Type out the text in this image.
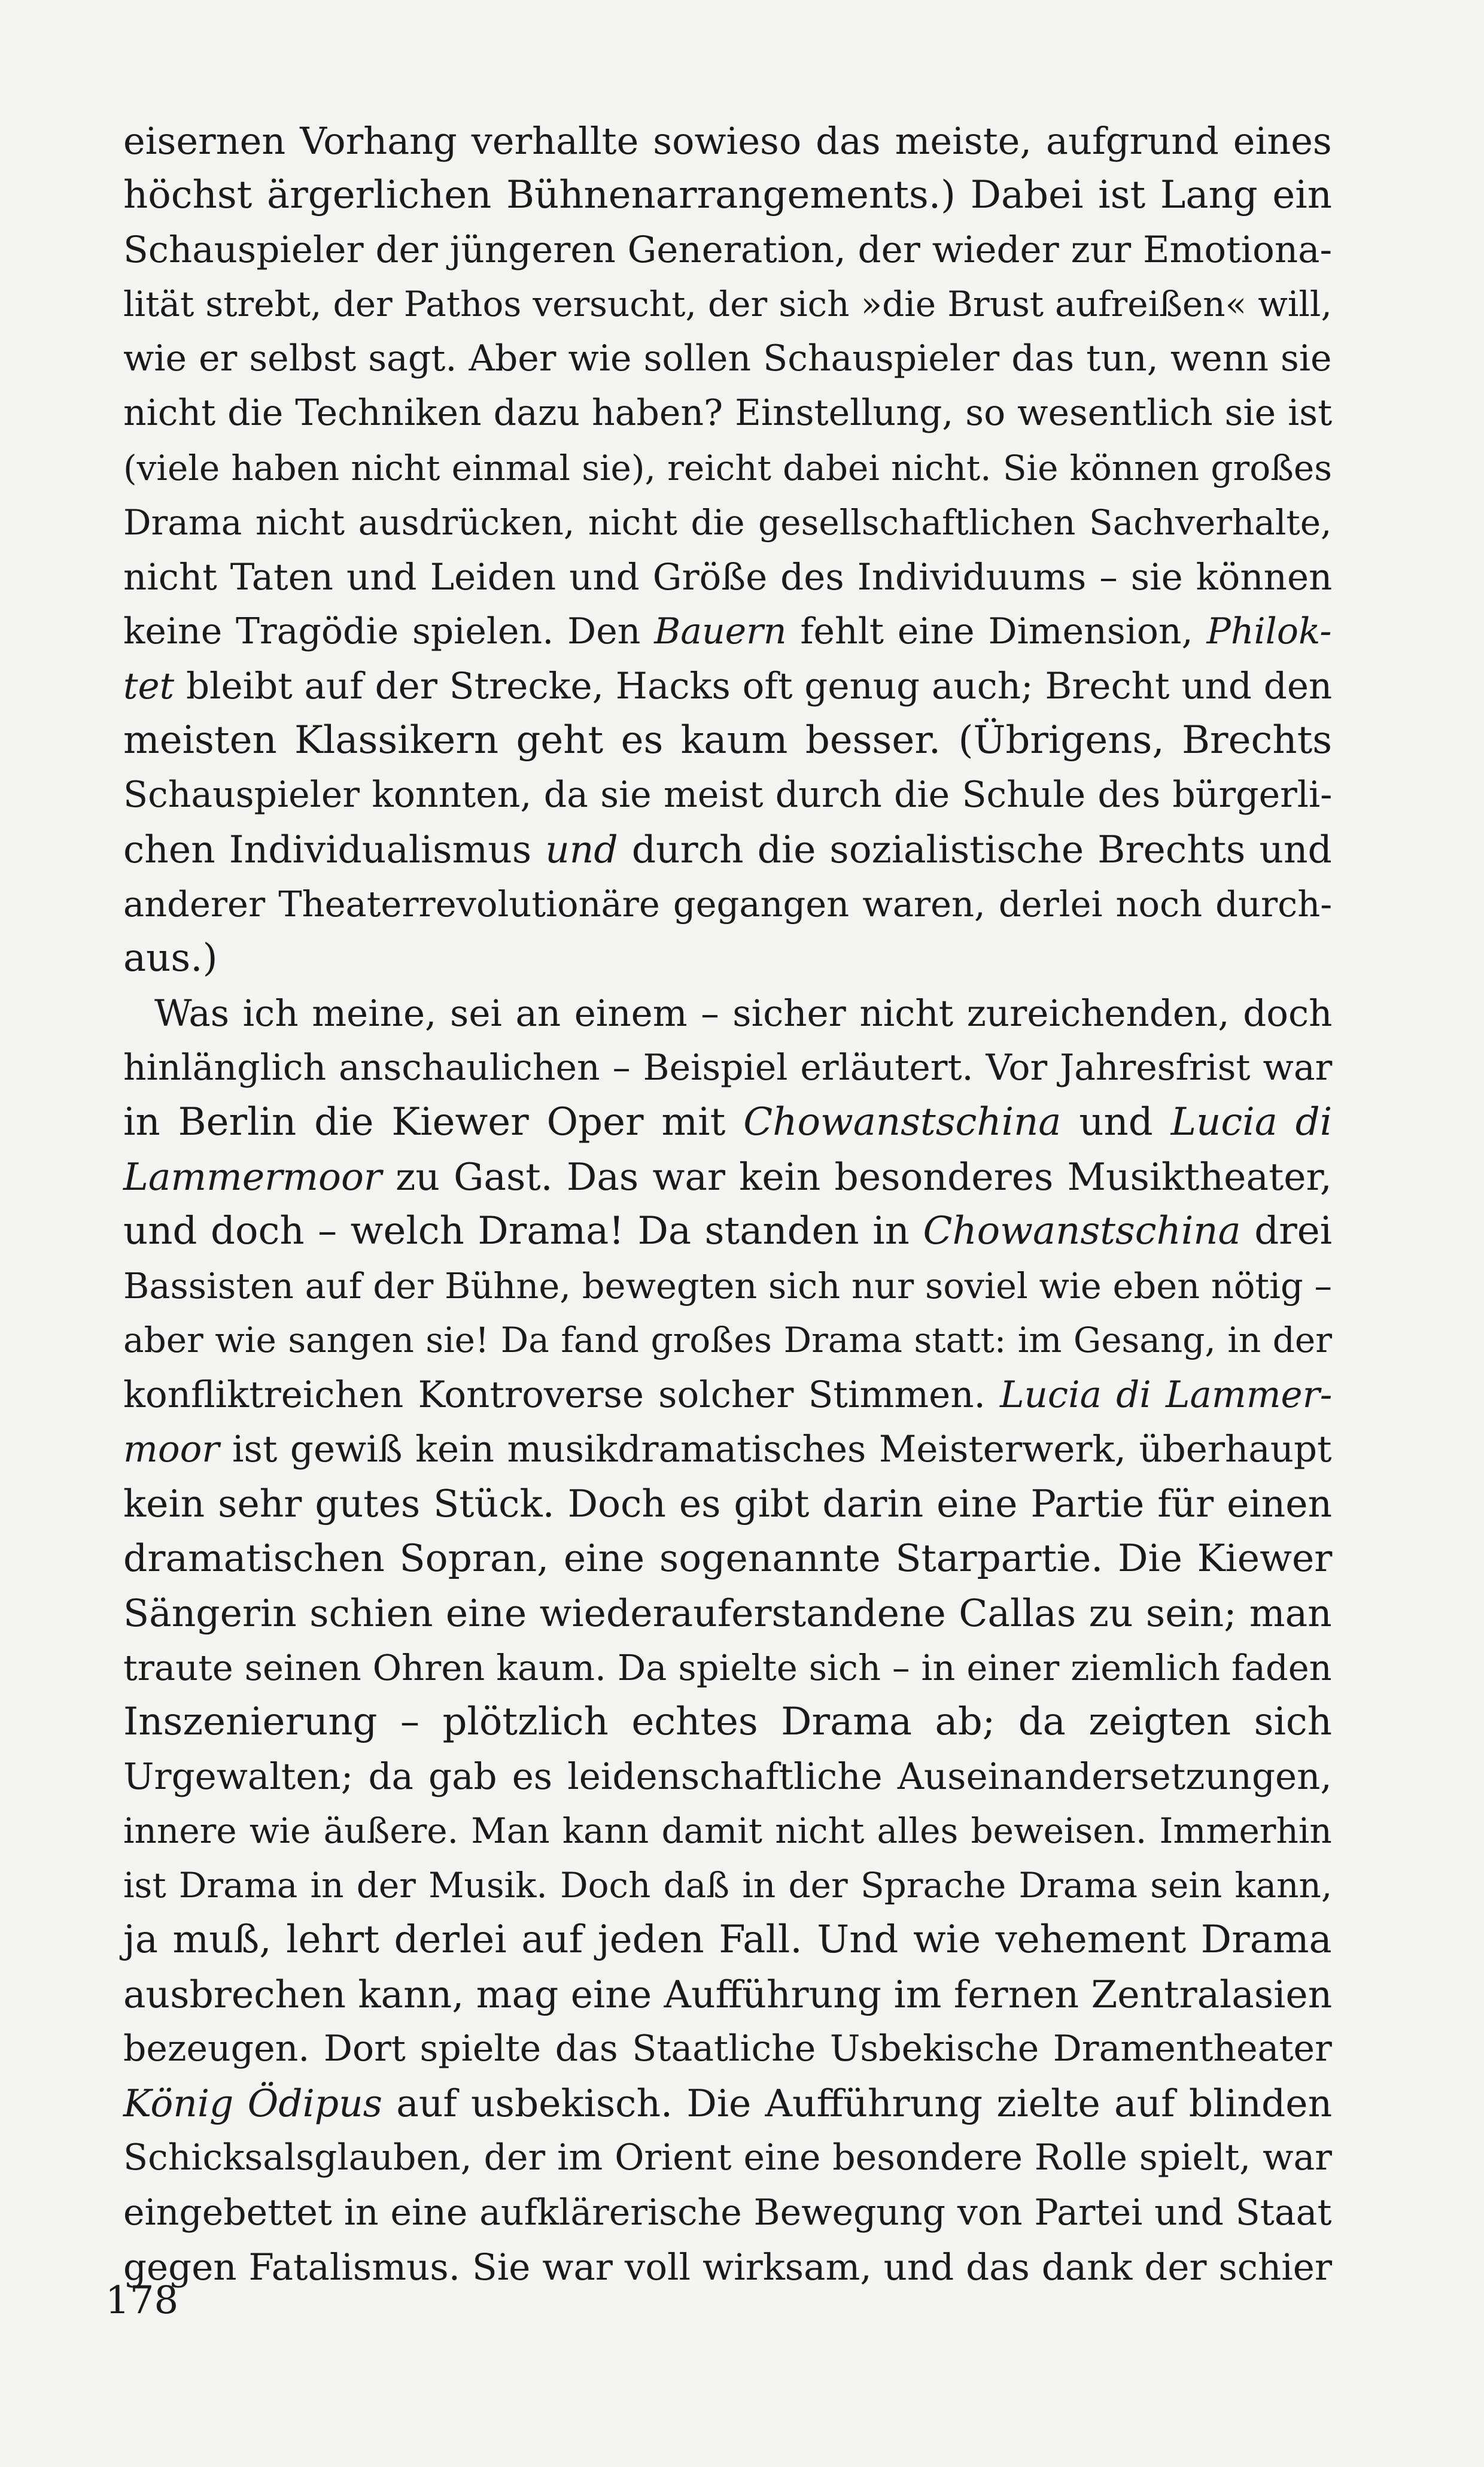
eisernen Vorhang verhallte sowieso das meiste, aufgrund eines
höchst ärgerlichen Bühnenarrangements.) Dabei ist Lang ein
Schauspieler der jüngeren Generation, der wieder zur Emotiona-
lität strebt, der Pathos versucht, der sich »die Brust aufreißen« will,
wie er selbst sagt. Aber wie sollen Schauspieler das tun, wenn sie
nicht die Techniken dazu haben? Einstellung, so wesentlich sie ist
(viele haben nicht einmal sie), reicht dabei nicht. Sie können großes
Drama nicht ausdrücken, nicht die gesellschaftlichen Sachverhalte,
nicht Taten und Leiden und Größe des Individuums – sie können
keine Tragödie spielen. Den Bauern fehlt eine Dimension, Philok-
tet bleibt auf der Strecke, Hacks oft genug auch; Brecht und den
meisten Klassikern geht es kaum besser. (Übrigens, Brechts
Schauspieler konnten, da sie meist durch die Schule des bürgerli-
chen Individualismus und durch die sozialistische Brechts und
anderer Theaterrevolutionäre gegangen waren, derlei noch durch-
aus.)
Was ich meine, sei an einem – sicher nicht zureichenden, doch
hinlänglich anschaulichen – Beispiel erläutert. Vor Jahresfrist war
in Berlin die Kiewer Oper mit Chowanstschina und Lucia di
Lammermoor zu Gast. Das war kein besonderes Musiktheater,
und doch – welch Drama! Da standen in Chowanstschina drei
Bassisten auf der Bühne, bewegten sich nur soviel wie eben nötig –
aber wie sangen sie! Da fand großes Drama statt: im Gesang, in der
konfliktreichen Kontroverse solcher Stimmen. Lucia di Lammer-
moor ist gewiß kein musikdramatisches Meisterwerk, überhaupt
kein sehr gutes Stück. Doch es gibt darin eine Partie für einen
dramatischen Sopran, eine sogenannte Starpartie. Die Kiewer
Sängerin schien eine wiederauferstandene Callas zu sein; man
traute seinen Ohren kaum. Da spielte sich – in einer ziemlich faden
Inszenierung – plötzlich echtes Drama ab; da zeigten sich
Urgewalten; da gab es leidenschaftliche Auseinandersetzungen,
innere wie äußere. Man kann damit nicht alles beweisen. Immerhin
ist Drama in der Musik. Doch daß in der Sprache Drama sein kann,
ja muß, lehrt derlei auf jeden Fall. Und wie vehement Drama
ausbrechen kann, mag eine Aufführung im fernen Zentralasien
bezeugen. Dort spielte das Staatliche Usbekische Dramentheater
König Ödipus auf usbekisch. Die Aufführung zielte auf blinden
Schicksalsglauben, der im Orient eine besondere Rolle spielt, war
eingebettet in eine aufklärerische Bewegung von Partei und Staat
gegen Fatalismus. Sie war voll wirksam, und das dank der schier
178
